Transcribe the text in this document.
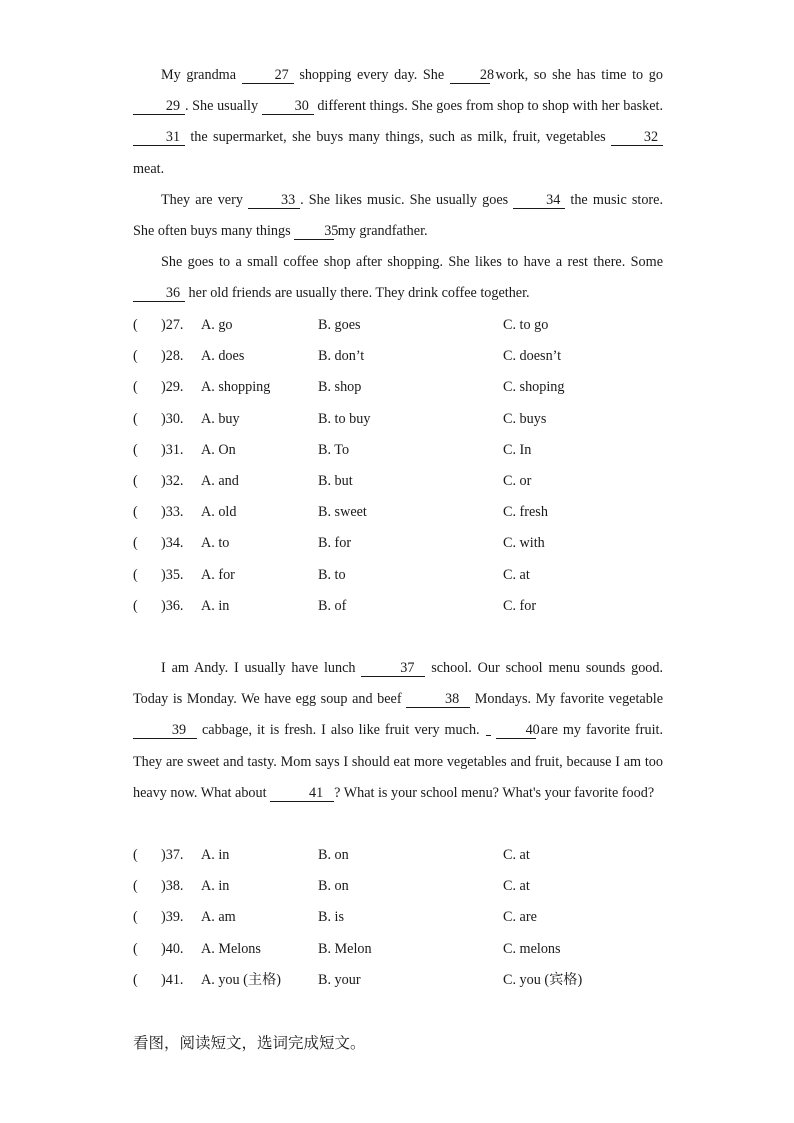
My grandma	27 shopping every day. She	28 work, so she has time to go 29 . She usually	30 different things. She goes from shop to shop with her basket. 31 the supermarket, she buys many things, such as milk, fruit, vegetables	32 meat.

They are very	33 . She likes music. She usually goes	34 the music store. She often buys many things 35 my grandfather.

She goes to a small coffee shop after shopping. She likes to have a rest there. Some 36 her old friends are usually there. They drink coffee together.

( )27. A. go	B. goes	C. to go
( )28. A. does	B. don’t	C. doesn’t
( )29. A. shopping	B. shop	C. shoping
( )30. A. buy	B. to buy	C. buys
( )31. A. On	B. To	C. In
( )32. A. and	B. but	C. or
( )33. A. old	B. sweet	C. fresh
( )34. A. to	B. for	C. with
( )35. A. for	B. to	C. at
( )36. A. in	B. of	C. for

I am Andy. I usually have lunch	37 school. Our school menu sounds good. Today is Monday. We have egg soup and beef	38 Mondays. My favorite vegetable 39 cabbage, it is fresh. I also like fruit very much.	40 are my favorite fruit. They are sweet and tasty. Mom says I should eat more vegetables and fruit, because I am too heavy now. What about	41 ? What is your school menu? What's your favorite food?

( )37. A. in	B. on	C. at
( )38. A. in	B. on	C. at
( )39. A. am	B. is	C. are
( )40. A. Melons	B. Melon	C. melons
( )41. A. you (主格)	B. your	C. you (宾格)
看图，阅读短文，选词完成短文。
